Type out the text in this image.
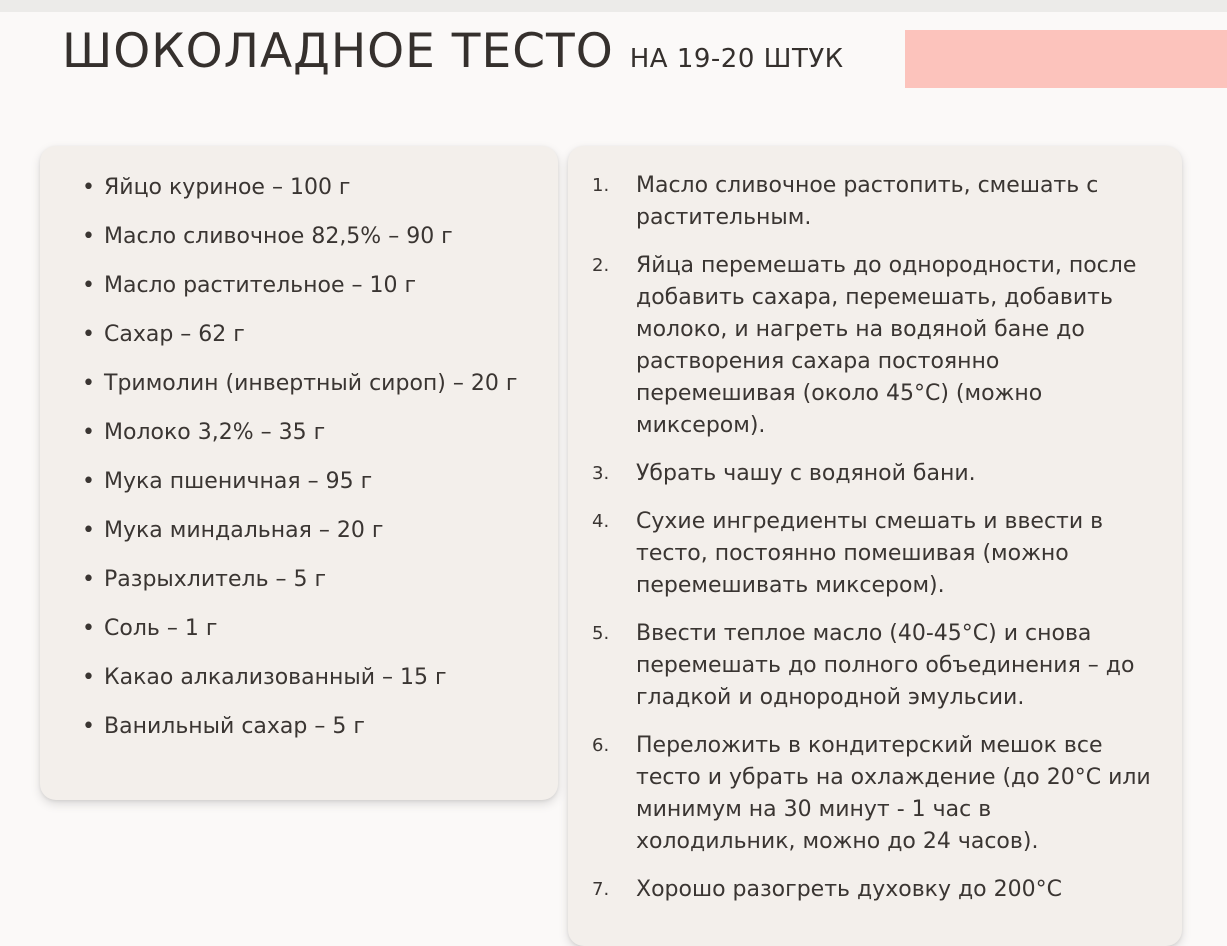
ШОКОЛАДНОЕ ТЕСТО НА 19-20 ШТУК
• Яйцо куриное – 100 г
• Масло сливочное 82,5% – 90 г
• Масло растительное – 10 г
• Сахар – 62 г
• Тримолин (инвертный сироп) – 20 г
• Молоко 3,2% – 35 г
• Мука пшеничная – 95 г
• Мука миндальная – 20 г
• Разрыхлитель – 5 г
• Соль – 1 г
• Какао алкализованный – 15 г
• Ванильный сахар – 5 г
1. Масло сливочное растопить, смешать с растительным.
2. Яйца перемешать до однородности, после добавить сахара, перемешать, добавить молоко, и нагреть на водяной бане до растворения сахара постоянно перемешивая (около 45°С) (можно миксером).
3. Убрать чашу с водяной бани.
4. Сухие ингредиенты смешать и ввести в тесто, постоянно помешивая (можно перемешивать миксером).
5. Ввести теплое масло (40-45°С) и снова перемешать до полного объединения – до гладкой и однородной эмульсии.
6. Переложить в кондитерский мешок все тесто и убрать на охлаждение (до 20°С или минимум на 30 минут - 1 час в холодильник, можно до 24 часов).
7. Хорошо разогреть духовку до 200°С
